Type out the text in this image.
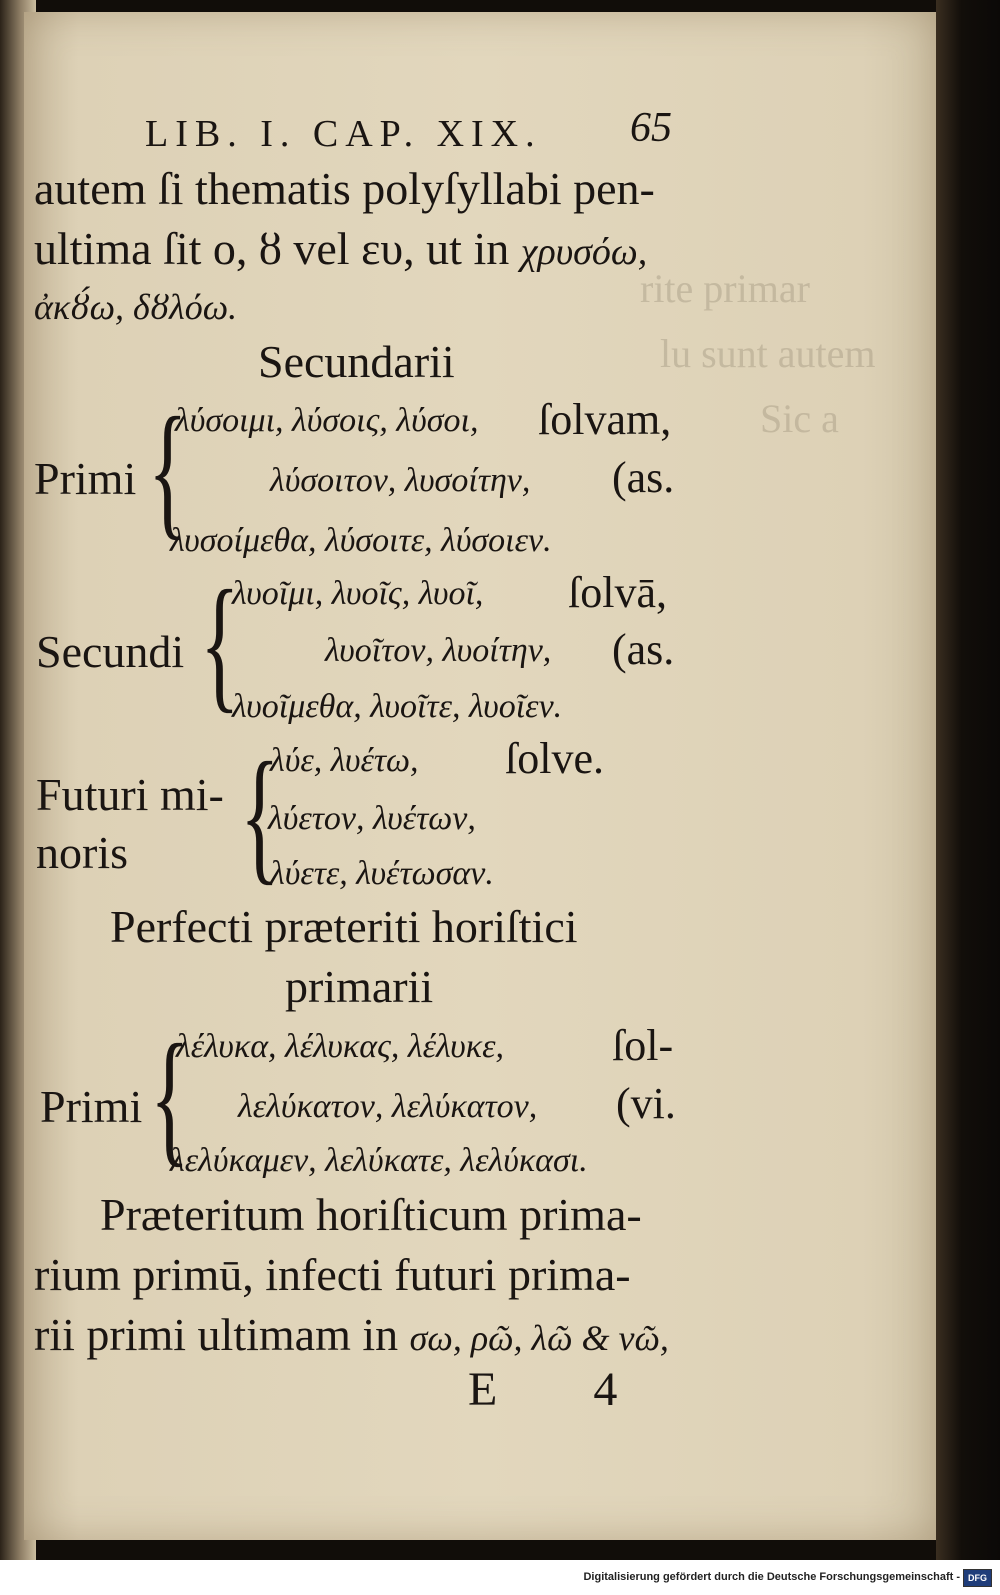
rite primar
lu sunt autem
Sic a
LIB. I. CAP. XIX. 65
autem ſi thematis polyſyllabi pen-
ultima ſit ο, ȣ vel ευ, ut in χρυσόω,
ἀκȣ́ω, δȣλόω.
Secundarii
Primi {
λύσοιμι, λύσοις, λύσοι, ſolvam,
λύσοιτον, λυσοίτην, (as.
λυσοίμεθα, λύσοιτε, λύσοιεν.
Secundi {
λυοῖμι, λυοῖς, λυοῖ, ſolvā,
λυοῖτον, λυοίτην, (as.
λυοῖμεθα, λυοῖτε, λυοῖεν.
Futuri mi-
noris {
λύε, λυέτω, ſolve.
λύετον, λυέτων,
λύετε, λυέτωσαν.
Perfecti præteriti horiſtici
primarii
Primi {
λέλυκα, λέλυκας, λέλυκε, ſol-
λελύκατον, λελύκατον, (vi.
λελύκαμεν, λελύκατε, λελύκασι.
Præteritum horiſticum prima-
rium primū, infecti futuri prima-
rii primi ultimam in σω, ρῶ, λῶ & νῶ,
E 4
Digitalisierung gefördert durch die Deutsche Forschungsgemeinschaft - DFG
